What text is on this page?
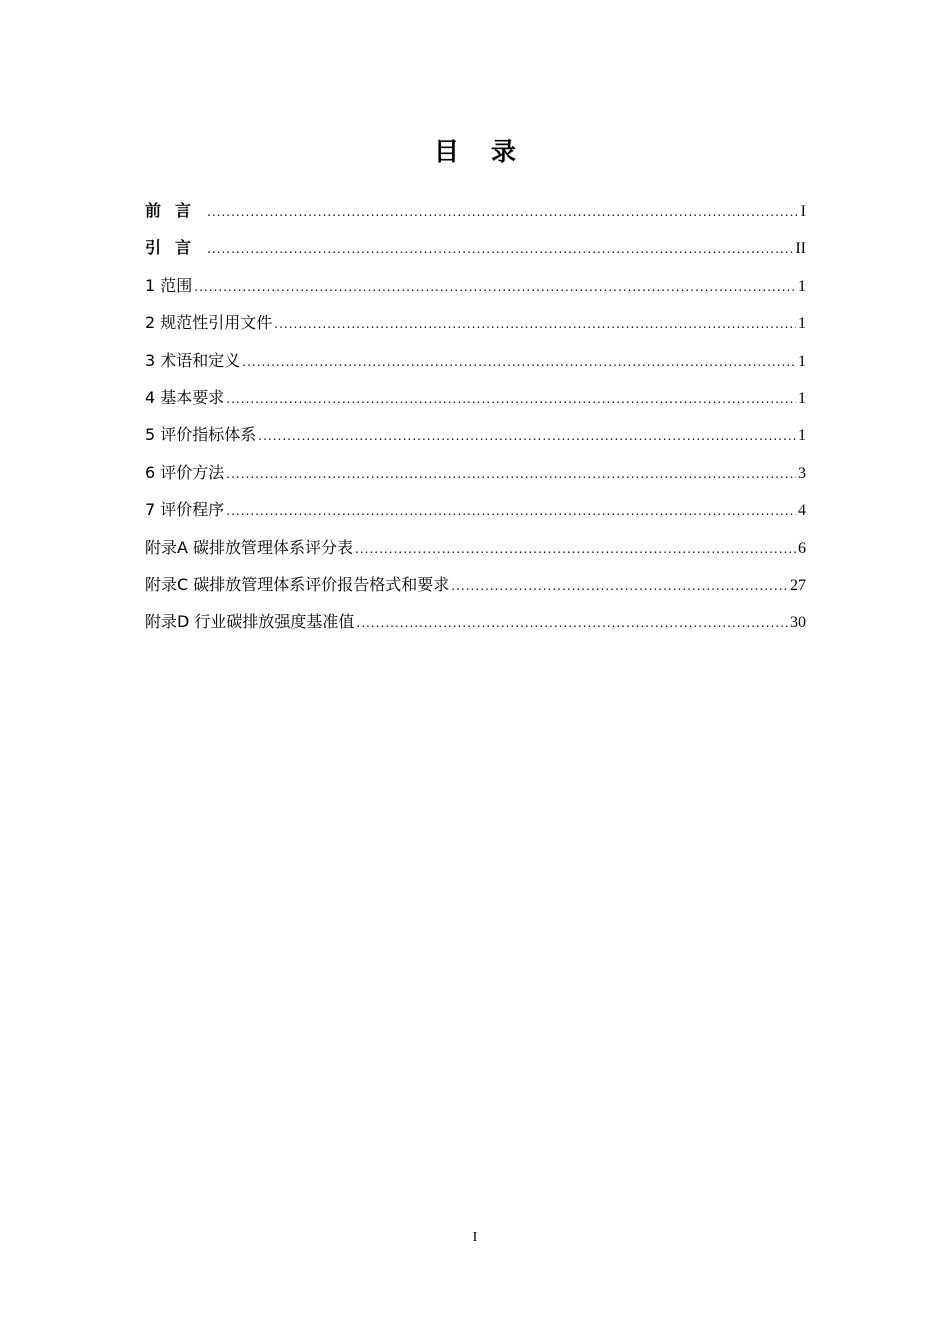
目录
前言 .....	I
引言 .....	II
1 范围 .....	1
2 规范性引用文件 .....	1
3 术语和定义 .....	1
4 基本要求 .....	1
5 评价指标体系 .....	1
6 评价方法 .....	3
7 评价程序 .....	4
附录A 碳排放管理体系评分表 .....	6
附录C 碳排放管理体系评价报告格式和要求 .....	27
附录D 行业碳排放强度基准值 .....	30
I
